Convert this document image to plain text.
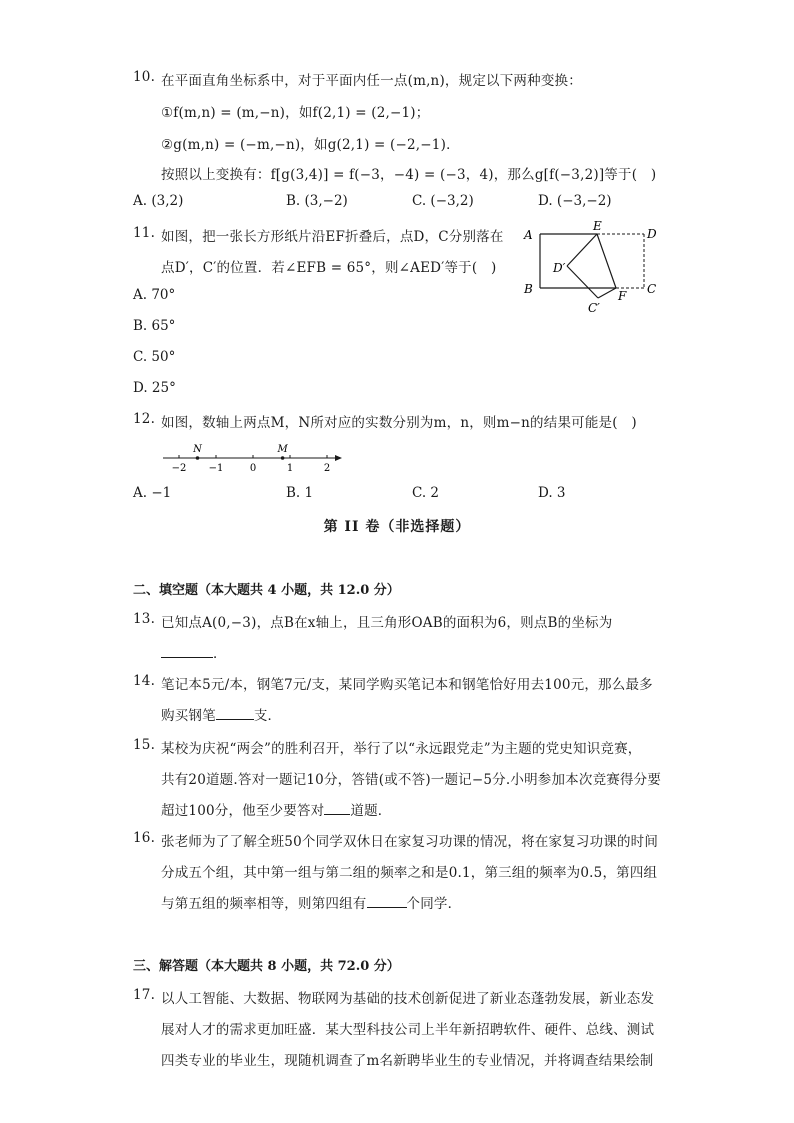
10. 在平面直角坐标系中，对于平面内任一点(m,n)，规定以下两种变换：
①f(m,n) = (m,−n)，如f(2,1) = (2,−1)；
②g(m,n) = (−m,−n)，如g(2,1) = (−2,−1)．
按照以上变换有：f[g(3,4)] = f(−3，−4) = (−3，4)，那么g[f(−3,2)]等于(　)
A. (3,2)	B. (3,−2)	C. (−3,2)	D. (−3,−2)
11. 如图，把一张长方形纸片沿EF折叠后，点D，C分别落在
点D′，C′的位置．若∠EFB = 65°，则∠AED′等于(　)
A. 70°
B. 65°
C. 50°
D. 25°
A
B
E
D
C
F
D′
C′
12. 如图，数轴上两点M，N所对应的实数分别为m，n，则m−n的结果可能是(　)
−2 −1	0	1	2
N	M
A. −1	B. 1	C. 2	D. 3
第 II 卷（非选择题）
二、填空题（本大题共 4 小题，共 12.0 分）
13. 已知点A(0,−3)，点B在x轴上，且三角形OAB的面积为6，则点B的坐标为
．
14. 笔记本5元/本，钢笔7元/支，某同学购买笔记本和钢笔恰好用去100元，那么最多
购买钢笔	支．
15. 某校为庆祝“两会”的胜利召开，举行了以“永远跟党走”为主题的党史知识竞赛，
共有20道题.答对一题记10分，答错(或不答)一题记−5分.小明参加本次竞赛得分要
超过100分，他至少要答对 道题．
16. 张老师为了了解全班50个同学双休日在家复习功课的情况，将在家复习功课的时间
分成五个组，其中第一组与第二组的频率之和是0.1，第三组的频率为0.5，第四组
与第五组的频率相等，则第四组有	个同学．
三、解答题（本大题共 8 小题，共 72.0 分）
17. 以人工智能、大数据、物联网为基础的技术创新促进了新业态蓬勃发展，新业态发
展对人才的需求更加旺盛．某大型科技公司上半年新招聘软件、硬件、总线、测试
四类专业的毕业生，现随机调查了m名新聘毕业生的专业情况，并将调查结果绘制
